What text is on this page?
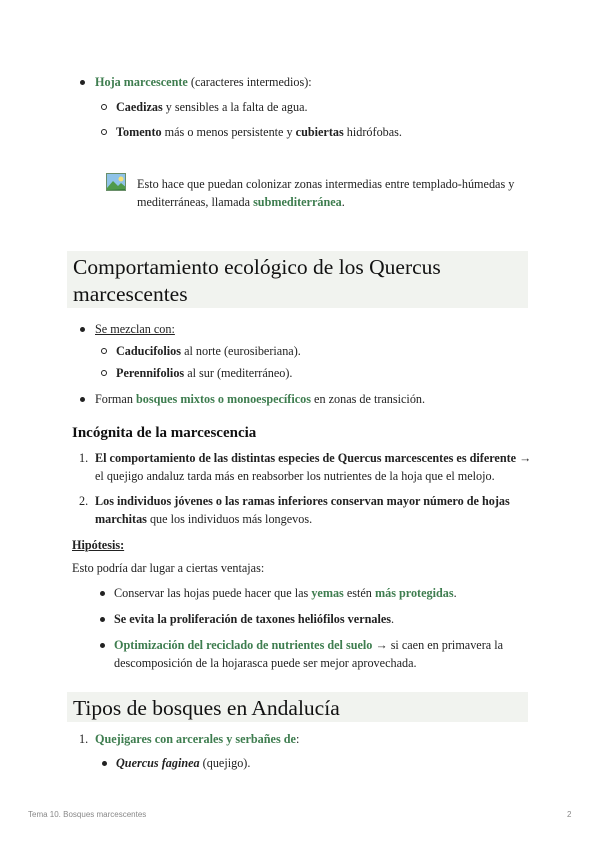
Hoja marcescente (caracteres intermedios):
Caedizas y sensibles a la falta de agua.
Tomento más o menos persistente y cubiertas hidrófobas.
Esto hace que puedan colonizar zonas intermedias entre templado-húmedas y
mediterráneas, llamada submediterránea.
Comportamiento ecológico de los Quercus
marcescentes
Se mezclan con:
Caducifolios al norte (eurosiberiana).
Perennifolios al sur (mediterráneo).
Forman bosques mixtos o monoespecíficos en zonas de transición.
Incógnita de la marcescencia
1. El comportamiento de las distintas especies de Quercus marcescentes es diferente →
el quejigo andaluz tarda más en reabsorber los nutrientes de la hoja que el melojo.
2. Los individuos jóvenes o las ramas inferiores conservan mayor número de hojas
marchitas que los individuos más longevos.
Hipótesis:
Esto podría dar lugar a ciertas ventajas:
Conservar las hojas puede hacer que las yemas estén más protegidas.
Se evita la proliferación de taxones heliófilos vernales.
Optimización del reciclado de nutrientes del suelo → si caen en primavera la
descomposición de la hojarasca puede ser mejor aprovechada.
Tipos de bosques en Andalucía
1. Quejigares con arcerales y serbañes de:
Quercus faginea (quejigo).
Tema 10. Bosques marcescentes	2
